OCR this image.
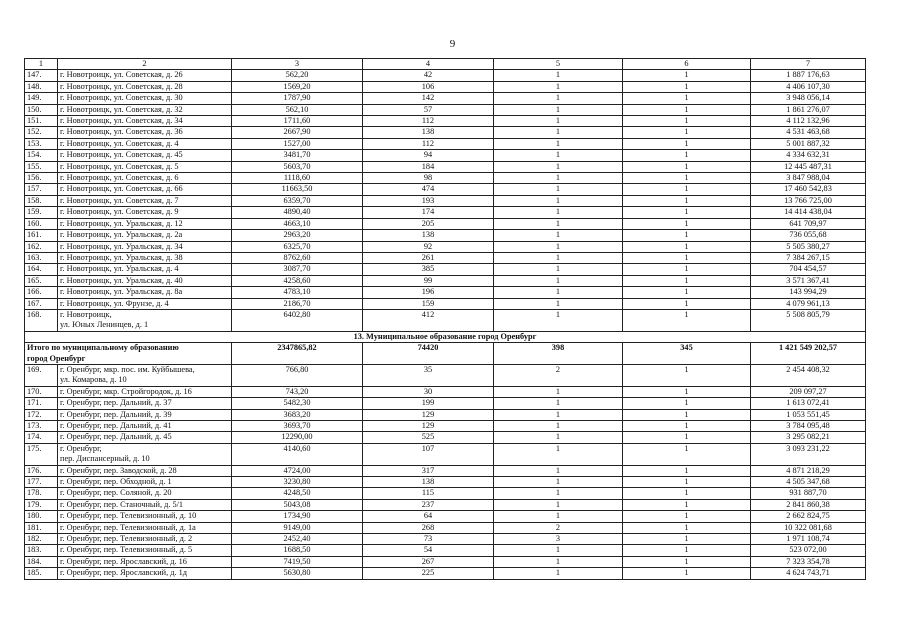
9
1	2	3	4	5	6	7
147.	г. Новотроицк, ул. Советская, д. 26	562,20	42	1	1	1 887 176,63
148.	г. Новотроицк, ул. Советская, д. 28	1569,20	106	1	1	4 406 107,30
149.	г. Новотроицк, ул. Советская, д. 30	1787,90	142	1	1	3 948 056,14
150.	г. Новотроицк, ул. Советская, д. 32	562,10	57	1	1	1 861 276,07
151.	г. Новотроицк, ул. Советская, д. 34	1711,60	112	1	1	4 112 132,96
152.	г. Новотроицк, ул. Советская, д. 36	2667,90	138	1	1	4 531 463,68
153.	г. Новотроицк, ул. Советская, д. 4	1527,00	112	1	1	5 001 887,32
154.	г. Новотроицк, ул. Советская, д. 45	3481,70	94	1	1	4 334 632,31
155.	г. Новотроицк, ул. Советская, д. 5	5603,70	184	1	1	12 445 487,31
156.	г. Новотроицк, ул. Советская, д. 6	1118,60	98	1	1	3 847 988,04
157.	г. Новотроицк, ул. Советская, д. 66	11663,50	474	1	1	17 460 542,83
158.	г. Новотроицк, ул. Советская, д. 7	6359,70	193	1	1	13 766 725,00
159.	г. Новотроицк, ул. Советская, д. 9	4890,40	174	1	1	14 414 438,04
160.	г. Новотроицк, ул. Уральская, д. 12	4663,10	205	1	1	641 709,97
161.	г. Новотроицк, ул. Уральская, д. 2а	2963,20	138	1	1	736 055,68
162.	г. Новотроицк, ул. Уральская, д. 34	6325,70	92	1	1	5 505 380,27
163.	г. Новотроицк, ул. Уральская, д. 38	8762,60	261	1	1	7 384 267,15
164.	г. Новотроицк, ул. Уральская, д. 4	3087,70	385	1	1	704 454,57
165.	г. Новотроицк, ул. Уральская, д. 40	4258,60	99	1	1	3 571 367,41
166.	г. Новотроицк, ул. Уральская, д. 8а	4783,10	196	1	1	143 994,29
167.	г. Новотроицк, ул. Фрунзе, д. 4	2186,70	159	1	1	4 079 961,13
168.	г. Новотроицк,
ул. Юных Ленинцев, д. 1	6402,80	412	1	1	5 508 805,79
13. Муниципальное образование город Оренбург						

Итого по муниципальному образованию
город Оренбург		2347865,82	74420	398	345	1 421 549 202,57
169.	г. Оренбург, мкр. пос. им. Куйбышева,
ул. Комарова, д. 10	766,80	35	2	1	2 454 408,32
170.	г. Оренбург, мкр. Стройгородок, д. 16	743,20	30	1	1	209 097,27
171.	г. Оренбург, пер. Дальний, д. 37	5482,30	199	1	1	1 613 072,41
172.	г. Оренбург, пер. Дальний, д. 39	3683,20	129	1	1	1 053 551,45
173.	г. Оренбург, пер. Дальний, д. 41	3693,70	129	1	1	3 784 095,48
174.	г. Оренбург, пер. Дальний, д. 45	12290,00	525	1	1	3 295 082,21
175.	г. Оренбург,
пер. Диспансерный, д. 10	4140,60	107	1	1	3 093 231,22
176.	г. Оренбург, пер. Заводской, д. 28	4724,00	317	1	1	4 871 218,29
177.	г. Оренбург, пер. Обходной, д. 1	3230,80	138	1	1	4 505 347,68
178.	г. Оренбург, пер. Соляной, д. 20	4248,50	115	1	1	931 887,70
179.	г. Оренбург, пер. Станочный, д. 5/1	5043,08	237	1	1	2 841 860,38
180.	г. Оренбург, пер. Телевизионный, д. 10	1734,90	64	1	1	2 662 824,75
181.	г. Оренбург, пер. Телевизионный, д. 1а	9149,00	268	2	1	10 322 081,68
182.	г. Оренбург, пер. Телевизионный, д. 2	2452,40	73	3	1	1 971 108,74
183.	г. Оренбург, пер. Телевизионный, д. 5	1688,50	54	1	1	523 072,00
184.	г. Оренбург, пер. Ярославский, д. 16	7419,50	267	1	1	7 323 354,78
185.	г. Оренбург, пер. Ярославский, д. 1д	5630,80	225	1	1	4 624 743,71
